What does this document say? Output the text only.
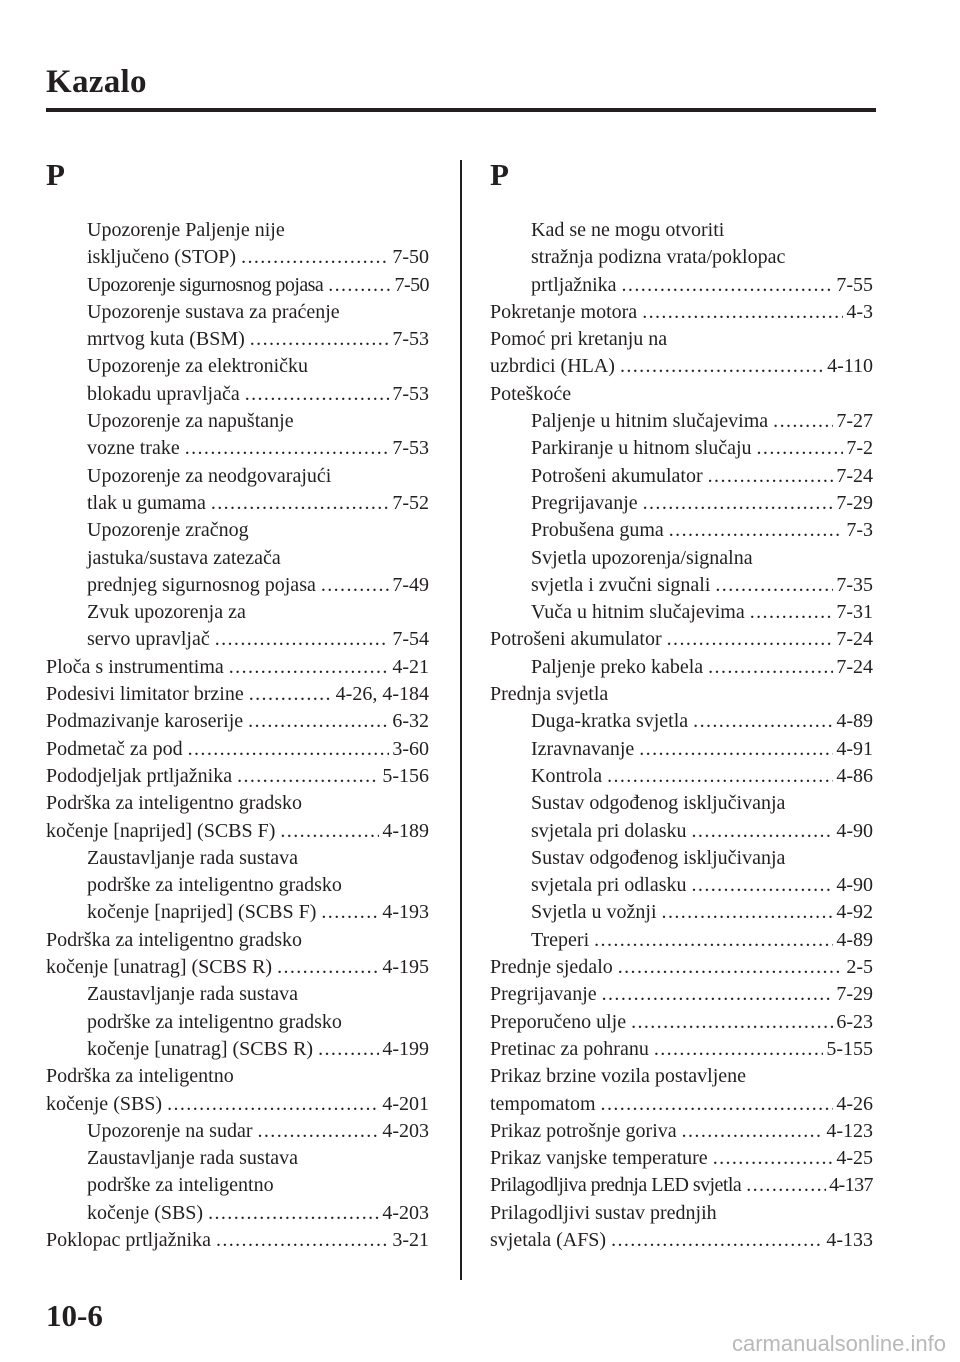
Kazalo
P
Upozorenje Paljenje nije
isključeno (STOP) .....	7-50
Upozorenje sigurnosnog pojasa .....	7-50
Upozorenje sustava za praćenje
mrtvog kuta (BSM) .....	7-53
Upozorenje za elektroničku
blokadu upravljača .....	7-53
Upozorenje za napuštanje
vozne trake .....	7-53
Upozorenje za neodgovarajući
tlak u gumama .....	7-52
Upozorenje zračnog
jastuka/sustava zatezača
prednjeg sigurnosnog pojasa .....	7-49
Zvuk upozorenja za
servo upravljač .....	7-54
Ploča s instrumentima .....	4-21
Podesivi limitator brzine .....	4-26, 4-184
Podmazivanje karoserije .....	6-32
Podmetač za pod .....	3-60
Pododjeljak prtljažnika .....	5-156
Podrška za inteligentno gradsko
kočenje [naprijed] (SCBS F) .....	4-189
Zaustavljanje rada sustava
podrške za inteligentno gradsko
kočenje [naprijed] (SCBS F) .....	4-193
Podrška za inteligentno gradsko
kočenje [unatrag] (SCBS R) .....	4-195
Zaustavljanje rada sustava
podrške za inteligentno gradsko
kočenje [unatrag] (SCBS R) .....	4-199
Podrška za inteligentno
kočenje (SBS) .....	4-201
Upozorenje na sudar .....	4-203
Zaustavljanje rada sustava
podrške za inteligentno
kočenje (SBS) .....	4-203
Poklopac prtljažnika .....	3-21
P
Kad se ne mogu otvoriti
stražnja podizna vrata/poklopac
prtljažnika .....	7-55
Pokretanje motora .....	4-3
Pomoć pri kretanju na
uzbrdici (HLA) .....	4-110
Poteškoće
Paljenje u hitnim slučajevima .....	7-27
Parkiranje u hitnom slučaju .....	7-2
Potrošeni akumulator .....	7-24
Pregrijavanje .....	7-29
Probušena guma .....	7-3
Svjetla upozorenja/signalna
svjetla i zvučni signali .....	7-35
Vuča u hitnim slučajevima .....	7-31
Potrošeni akumulator .....	7-24
Paljenje preko kabela .....	7-24
Prednja svjetla
Duga-kratka svjetla .....	4-89
Izravnavanje .....	4-91
Kontrola .....	4-86
Sustav odgođenog isključivanja
svjetala pri dolasku .....	4-90
Sustav odgođenog isključivanja
svjetala pri odlasku .....	4-90
Svjetla u vožnji .....	4-92
Treperi .....	4-89
Prednje sjedalo .....	2-5
Pregrijavanje .....	7-29
Preporučeno ulje .....	6-23
Pretinac za pohranu .....	5-155
Prikaz brzine vozila postavljene
tempomatom .....	4-26
Prikaz potrošnje goriva .....	4-123
Prikaz vanjske temperature .....	4-25
Prilagodljiva prednja LED svjetla .....	4-137
Prilagodljivi sustav prednjih
svjetala (AFS) .....	4-133
10-6
carmanualsonline.info
